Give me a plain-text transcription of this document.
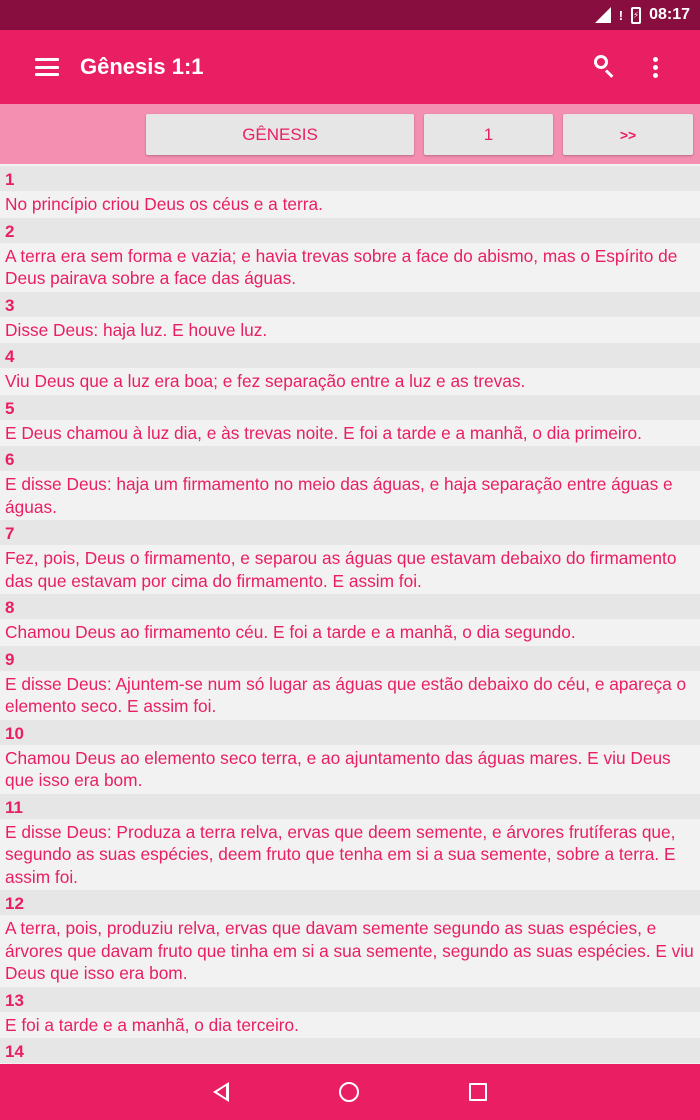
! ⚡ 08:17
Gênesis 1:1
GÊNESIS	1	>>
1
No princípio criou Deus os céus e a terra.
2
A terra era sem forma e vazia; e havia trevas sobre a face do abismo, mas o Espírito de Deus pairava sobre a face das águas.
3
Disse Deus: haja luz. E houve luz.
4
Viu Deus que a luz era boa; e fez separação entre a luz e as trevas.
5
E Deus chamou à luz dia, e às trevas noite. E foi a tarde e a manhã, o dia primeiro.
6
E disse Deus: haja um firmamento no meio das águas, e haja separação entre águas e águas.
7
Fez, pois, Deus o firmamento, e separou as águas que estavam debaixo do firmamento das que estavam por cima do firmamento. E assim foi.
8
Chamou Deus ao firmamento céu. E foi a tarde e a manhã, o dia segundo.
9
E disse Deus: Ajuntem-se num só lugar as águas que estão debaixo do céu, e apareça o elemento seco. E assim foi.
10
Chamou Deus ao elemento seco terra, e ao ajuntamento das águas mares. E viu Deus que isso era bom.
11
E disse Deus: Produza a terra relva, ervas que deem semente, e árvores frutíferas que, segundo as suas espécies, deem fruto que tenha em si a sua semente, sobre a terra. E assim foi.
12
A terra, pois, produziu relva, ervas que davam semente segundo as suas espécies, e árvores que davam fruto que tinha em si a sua semente, segundo as suas espécies. E viu Deus que isso era bom.
13
E foi a tarde e a manhã, o dia terceiro.
14
